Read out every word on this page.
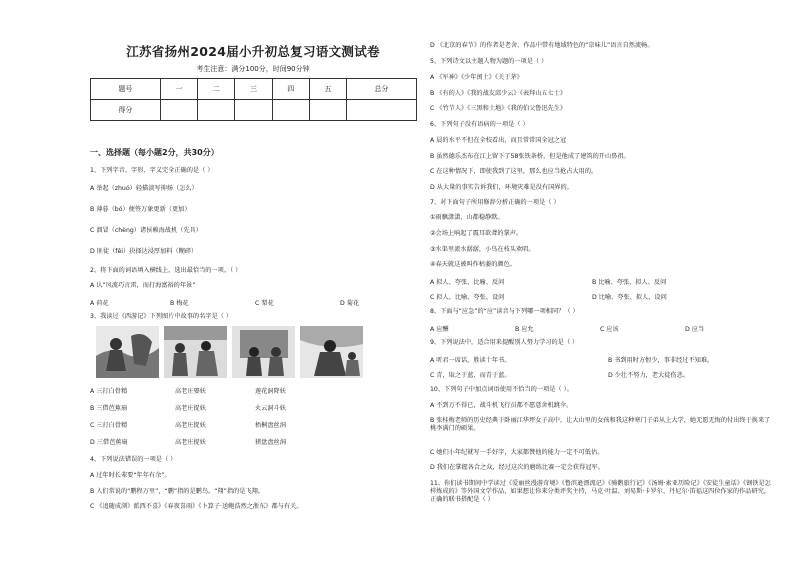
江苏省扬州2024届小升初总复习语文测试卷
考生注意：满分100分，时间90分钟
题号	一	二	三	四	五	总分
得分						
一、选择题（每小题2分，共30分）
1、下列字音、字形、字义完全正确的是（ ）
A 举起（zhuó）轻描淡写抑扬（怎么）
B 薄暮（bó）便签万象更新（更加）
C 溜冒（chèng）诸侯赖海战机（先具）
D 匪徒（fěi）抉择达浸厚加料（糊碎）
2、将下面的词语填入横线上，选出最恰当的一项。（ ）
A 认“风流巧言雷，而打海富裕的年景”
A 荷花	B 梅花	C 梨花	D 菊花
3、我读过《西游记》下列图片中故事的名字是（ ）
A 三打白骨精	高老庄娶妖	莲花洞降妖
B 三借芭蕉扇	高老庄捉妖	火云洞斗妖
C 三打白骨精	高老庄捉妖	梧桐盘丝洞
D 三借芭蕉扇	高老庄捉妖	猪盘盘丝洞
4、下列说法错误的一项是（ ）
A 过年时长辈要“年年有余”。
B 人们常说的“鹏程万里”，“鹏”指的是鹏鸟。“翔”指的是飞翔。
C 《追随成浏》派西不喜》《春夜喜雨》《卜算子·送鲍浩然之浙东》都与有关。
D 《北京的春节》的作者是老舍，作品中带有地域特色的“京味儿”语言自然流畅。
5、下列诗文以主题人物为题的一项是（ ）
A 《军神》《少年闰土》《关于茅》
B 《有的人》《我的战友邱少云》《表拜山五七士》
C 《竹节人》《三黑和土地》《我的伯父鲁迅先生》
6、下列句子没有语病的一项是（ ）
A 晨的水平不但在全校看出，而且常常国全冠之冠
B 虽然德乐杰布在江上留下了58张铁条桥，但是他成了建筑的开山鼻祖。
C 在这种情况下，即使我到了这里，那么也应当抢占大用的。
D 从大量的事实告诉我们，环境灾难是没有国界的。
7、对下面句子所用修辞分析正确的一项是（ ）
①雨飘潇潇，山都稳静默。
②会场上响起了震耳欲聋的掌声。
③水渠里流水潺潺，小鸟在枝头欢唱。
④春天就这被叫作枯萎的颜色。
A 拟人、夸张、比喻、反问	B 比喻、夸张、拟人、反问
C 拟人、比喻、夸张、设问	D 比喻、夸张、拟人、设问
8、下面与“应急”的“应”读音与下列哪一项相同？（ ）
A 应酬	B 应允	C 应该	D 应当
9、下列说法中，适合用来提醒别人努力学习的是（ ）
A 听君一席话，胜读十年书。	B 书到用时方恨少，事非经过不知难。
C 青，取之于蓝，而青于蓝。	D 少壮不努力，老大徒伤悲。
10、下列句子中加点词语使用不恰当的一项是（ ）。
A 不到万不得已，战斗机飞行员都不愿意舍机跳伞。
B 张桂梅老师的历史经典于卧丽江华坪女子高中，让大山里的女孩和我这种寒门子弟从上大学，她无愿无悔的付出终于换来了桃李满门的硕果。
C 她们小年纪就写一手好字，大家都赞他的能力一定不可低估。
D 我们在掌握各合之众，经过这次的磨练比赛一定会获得冠军。
11、你们读书期间中学读过《爱丽丝漫游奇境》《鲁滨逊漂流记》《骑鹅旅行记》《汤姆·索亚历险记》《安徒生童话》《钢铁是怎样炼成的》等外国文学作品，如果想让你来分类评奖主持，马克·吐温、刘易斯·卡罗尔、丹尼尔·笛福这四位作家的作品研究，正确的联书搭配是（ ）
